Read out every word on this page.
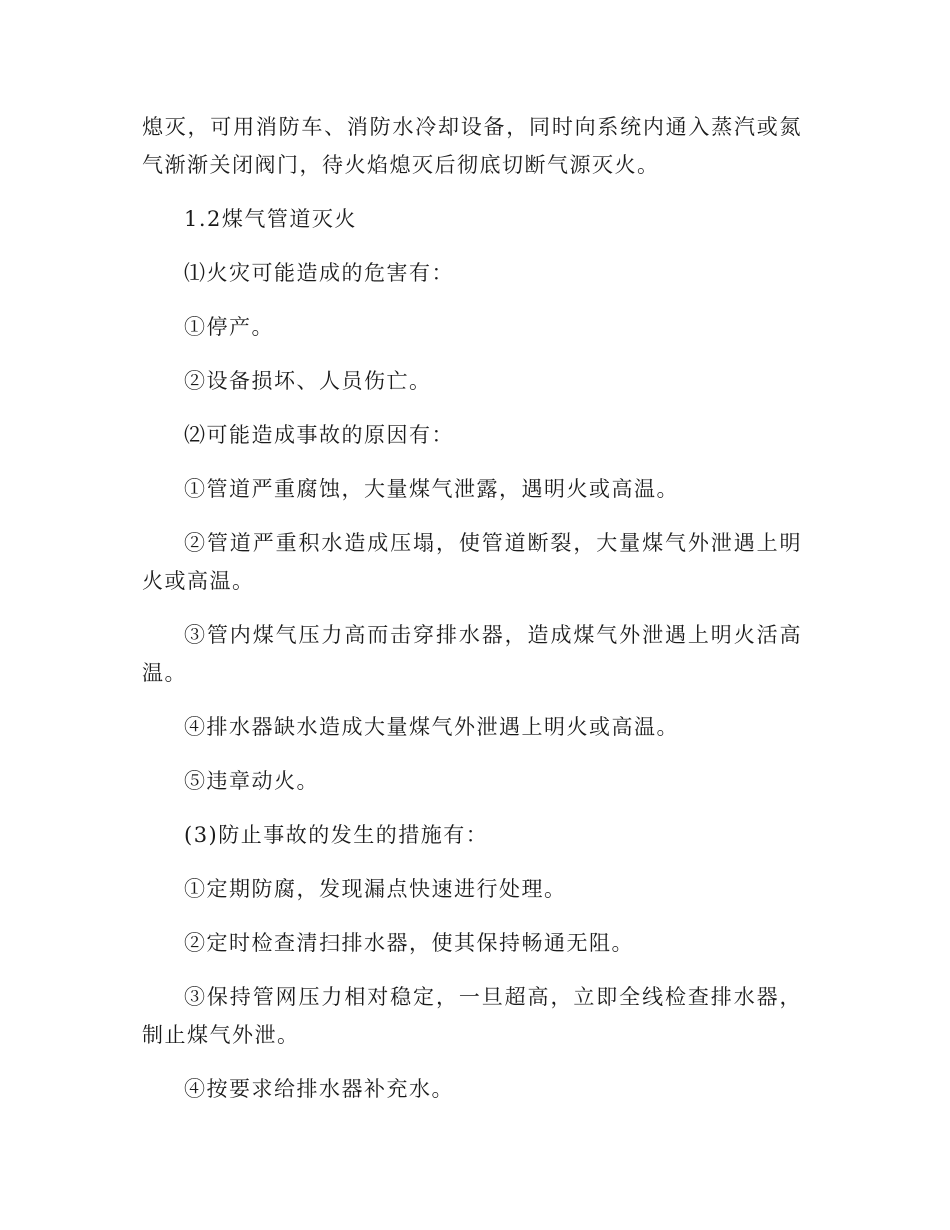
熄灭，可用消防车、消防水冷却设备，同时向系统内通入蒸汽或氮气渐渐关闭阀门，待火焰熄灭后彻底切断气源灭火。

1.2煤气管道灭火

⑴火灾可能造成的危害有：

①停产。

②设备损坏、人员伤亡。

⑵可能造成事故的原因有：

①管道严重腐蚀，大量煤气泄露，遇明火或高温。

②管道严重积水造成压塌，使管道断裂，大量煤气外泄遇上明火或高温。

③管内煤气压力高而击穿排水器，造成煤气外泄遇上明火活高温。

④排水器缺水造成大量煤气外泄遇上明火或高温。

⑤违章动火。

(3)防止事故的发生的措施有：

①定期防腐，发现漏点快速进行处理。

②定时检查清扫排水器，使其保持畅通无阻。

③保持管网压力相对稳定，一旦超高，立即全线检查排水器，制止煤气外泄。

④按要求给排水器补充水。
